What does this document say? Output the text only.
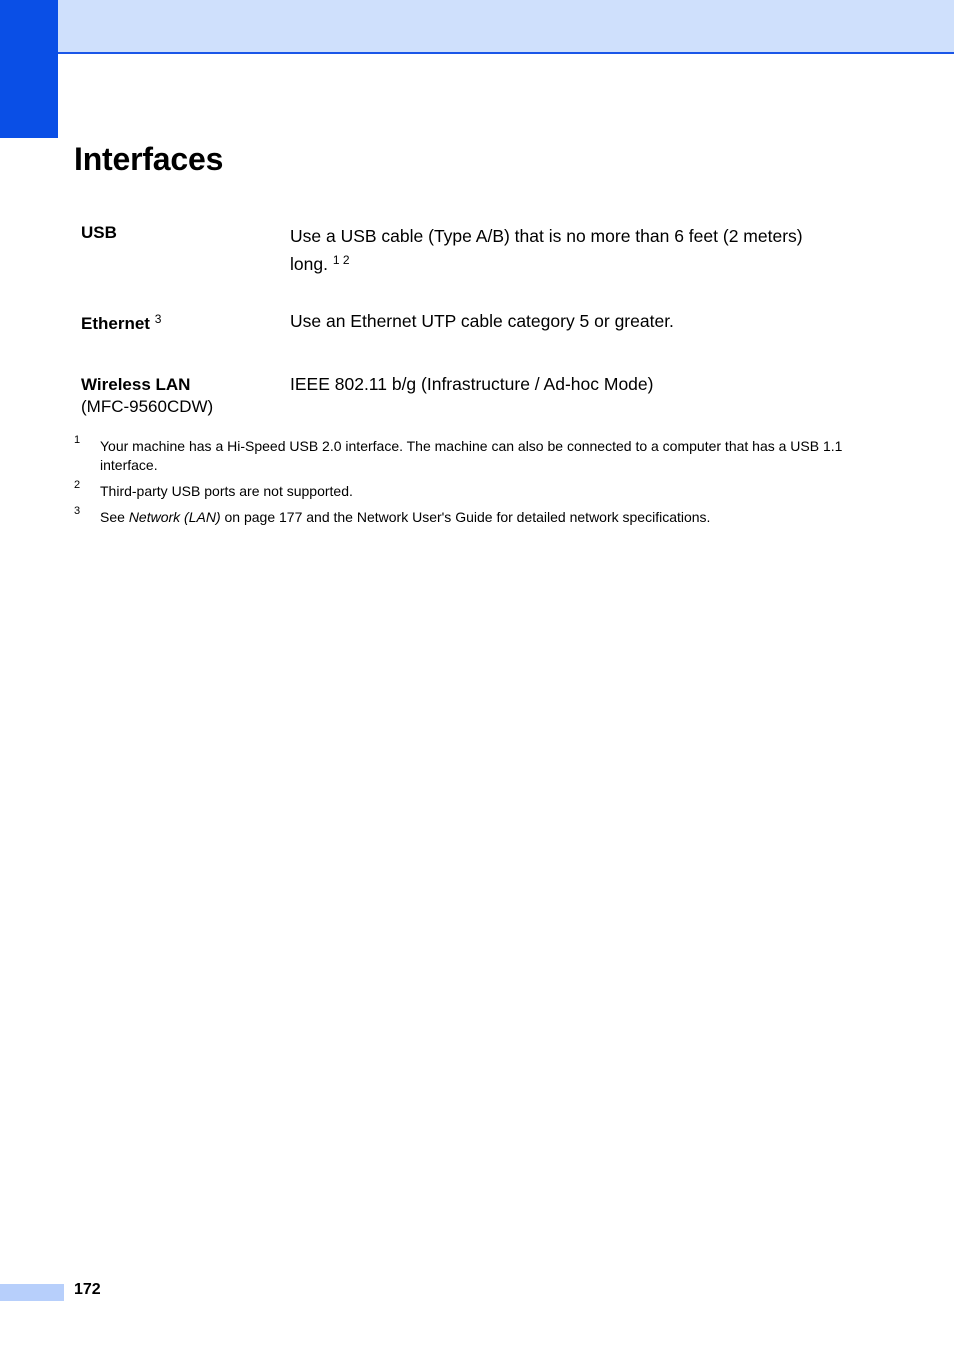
Interfaces
USB	Use a USB cable (Type A/B) that is no more than 6 feet (2 meters)
long. $^{1 2}$
Ethernet $^3$	Use an Ethernet UTP cable category 5 or greater.
Wireless LAN
(MFC-9560CDW)
IEEE 802.11 b/g (Infrastructure / Ad-hoc Mode)
1 Your machine has a Hi-Speed USB 2.0 interface. The machine can also be connected to a computer that has a USB 1.1 interface.
2 Third-party USB ports are not supported.
3 See Network (LAN) on page 177 and the Network User's Guide for detailed network specifications.
172
